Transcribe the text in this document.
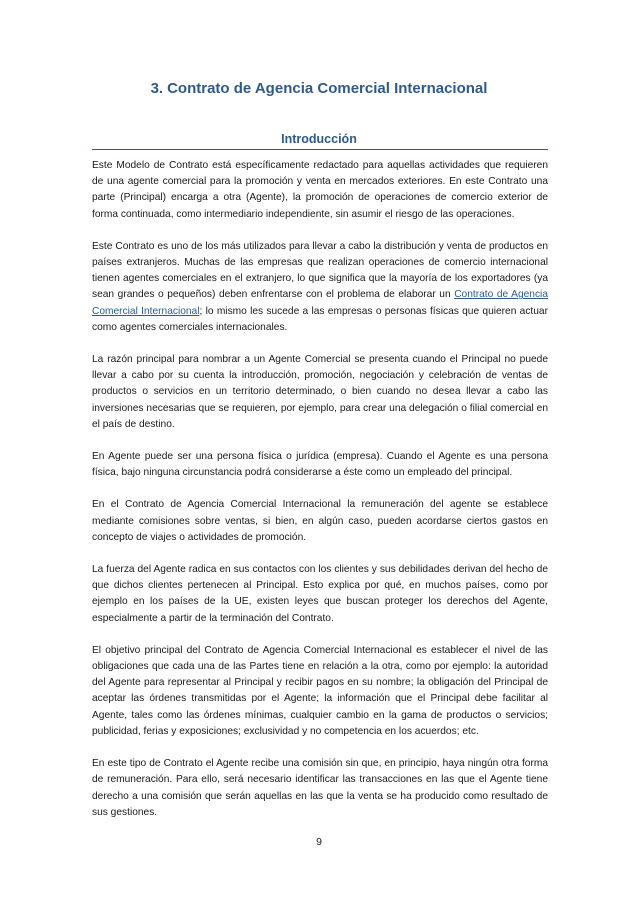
3. Contrato de Agencia Comercial Internacional
Introducción

Este Modelo de Contrato está específicamente redactado para aquellas actividades que requieren de una agente comercial para la promoción y venta en mercados exteriores. En este Contrato una parte (Principal) encarga a otra (Agente), la promoción de operaciones de comercio exterior de forma continuada, como intermediario independiente, sin asumir el riesgo de las operaciones.

Este Contrato es uno de los más utilizados para llevar a cabo la distribución y venta de productos en países extranjeros. Muchas de las empresas que realizan operaciones de comercio internacional tienen agentes comerciales en el extranjero, lo que significa que la mayoría de los exportadores (ya sean grandes o pequeños) deben enfrentarse con el problema de elaborar un Contrato de Agencia Comercial Internacional; lo mismo les sucede a las empresas o personas físicas que quieren actuar como agentes comerciales internacionales.

La razón principal para nombrar a un Agente Comercial se presenta cuando el Principal no puede llevar a cabo por su cuenta la introducción, promoción, negociación y celebración de ventas de productos o servicios en un territorio determinado, o bien cuando no desea llevar a cabo las inversiones necesarias que se requieren, por ejemplo, para crear una delegación o filial comercial en el país de destino.

En Agente puede ser una persona física o jurídica (empresa). Cuando el Agente es una persona física, bajo ninguna circunstancia podrá considerarse a éste como un empleado del principal.

En el Contrato de Agencia Comercial Internacional la remuneración del agente se establece mediante comisiones sobre ventas, si bien, en algún caso, pueden acordarse ciertos gastos en concepto de viajes o actividades de promoción.

La fuerza del Agente radica en sus contactos con los clientes y sus debilidades derivan del hecho de que dichos clientes pertenecen al Principal. Esto explica por qué, en muchos países, como por ejemplo en los países de la UE, existen leyes que buscan proteger los derechos del Agente, especialmente a partir de la terminación del Contrato.

El objetivo principal del Contrato de Agencia Comercial Internacional es establecer el nivel de las obligaciones que cada una de las Partes tiene en relación a la otra, como por ejemplo: la autoridad del Agente para representar al Principal y recibir pagos en su nombre; la obligación del Principal de aceptar las órdenes transmitidas por el Agente; la información que el Principal debe facilitar al Agente, tales como las órdenes mínimas, cualquier cambio en la gama de productos o servicios; publicidad, ferias y exposiciones; exclusividad y no competencia en los acuerdos; etc.

En este tipo de Contrato el Agente recibe una comisión sin que, en principio, haya ningún otra forma de remuneración. Para ello, será necesario identificar las transacciones en las que el Agente tiene derecho a una comisión que serán aquellas en las que la venta se ha producido como resultado de sus gestiones.

9
